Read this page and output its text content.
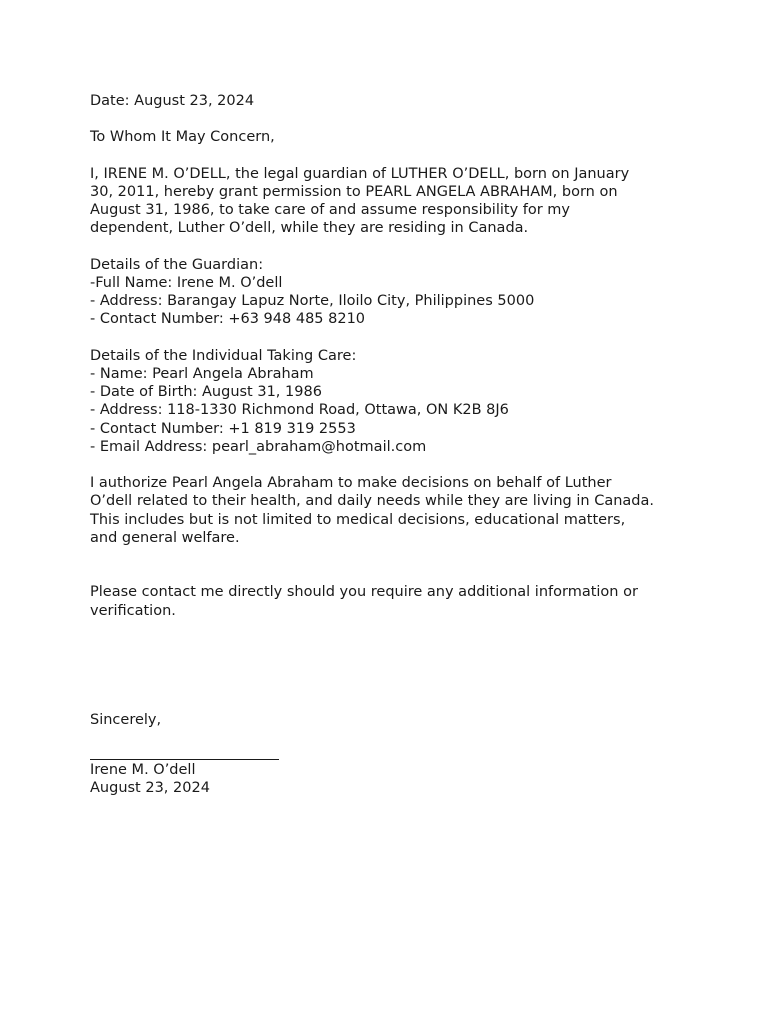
Date: August 23, 2024
To Whom It May Concern,
I, IRENE M. O’DELL, the legal guardian of LUTHER O’DELL, born on January
30, 2011, hereby grant permission to PEARL ANGELA ABRAHAM, born on
August 31, 1986, to take care of and assume responsibility for my
dependent, Luther O’dell, while they are residing in Canada.
Details of the Guardian:
-Full Name: Irene M. O’dell
- Address: Barangay Lapuz Norte, Iloilo City, Philippines 5000
- Contact Number: +63 948 485 8210
Details of the Individual Taking Care:
- Name: Pearl Angela Abraham
- Date of Birth: August 31, 1986
- Address: 118-1330 Richmond Road, Ottawa, ON K2B 8J6
- Contact Number: +1 819 319 2553
- Email Address: pearl_abraham@hotmail.com
I authorize Pearl Angela Abraham to make decisions on behalf of Luther
O’dell related to their health, and daily needs while they are living in Canada.
This includes but is not limited to medical decisions, educational matters,
and general welfare.
Please contact me directly should you require any additional information or
verification.
Sincerely,
Irene M. O’dell
August 23, 2024
